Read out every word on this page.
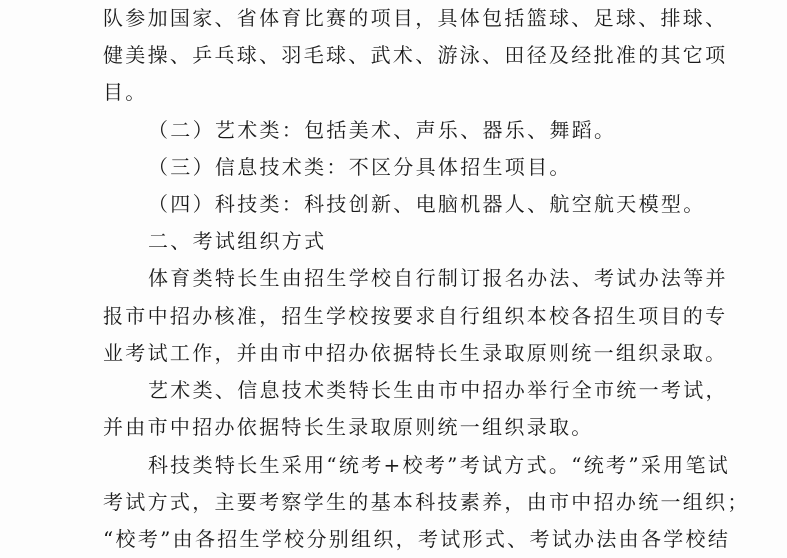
队参加国家、省体育比赛的项目，具体包括篮球、足球、排球、
健美操、乒乓球、羽毛球、武术、游泳、田径及经批准的其它项
目。
（二）艺术类：包括美术、声乐、器乐、舞蹈。
（三）信息技术类：不区分具体招生项目。
（四）科技类：科技创新、电脑机器人、航空航天模型。
二、考试组织方式
体育类特长生由招生学校自行制订报名办法、考试办法等并
报市中招办核准，招生学校按要求自行组织本校各招生项目的专
业考试工作，并由市中招办依据特长生录取原则统一组织录取。
艺术类、信息技术类特长生由市中招办举行全市统一考试，
并由市中招办依据特长生录取原则统一组织录取。
科技类特长生采用“统考+校考”考试方式。“统考”采用笔试
考试方式，主要考察学生的基本科技素养，由市中招办统一组织；
“校考”由各招生学校分别组织，考试形式、考试办法由各学校结
